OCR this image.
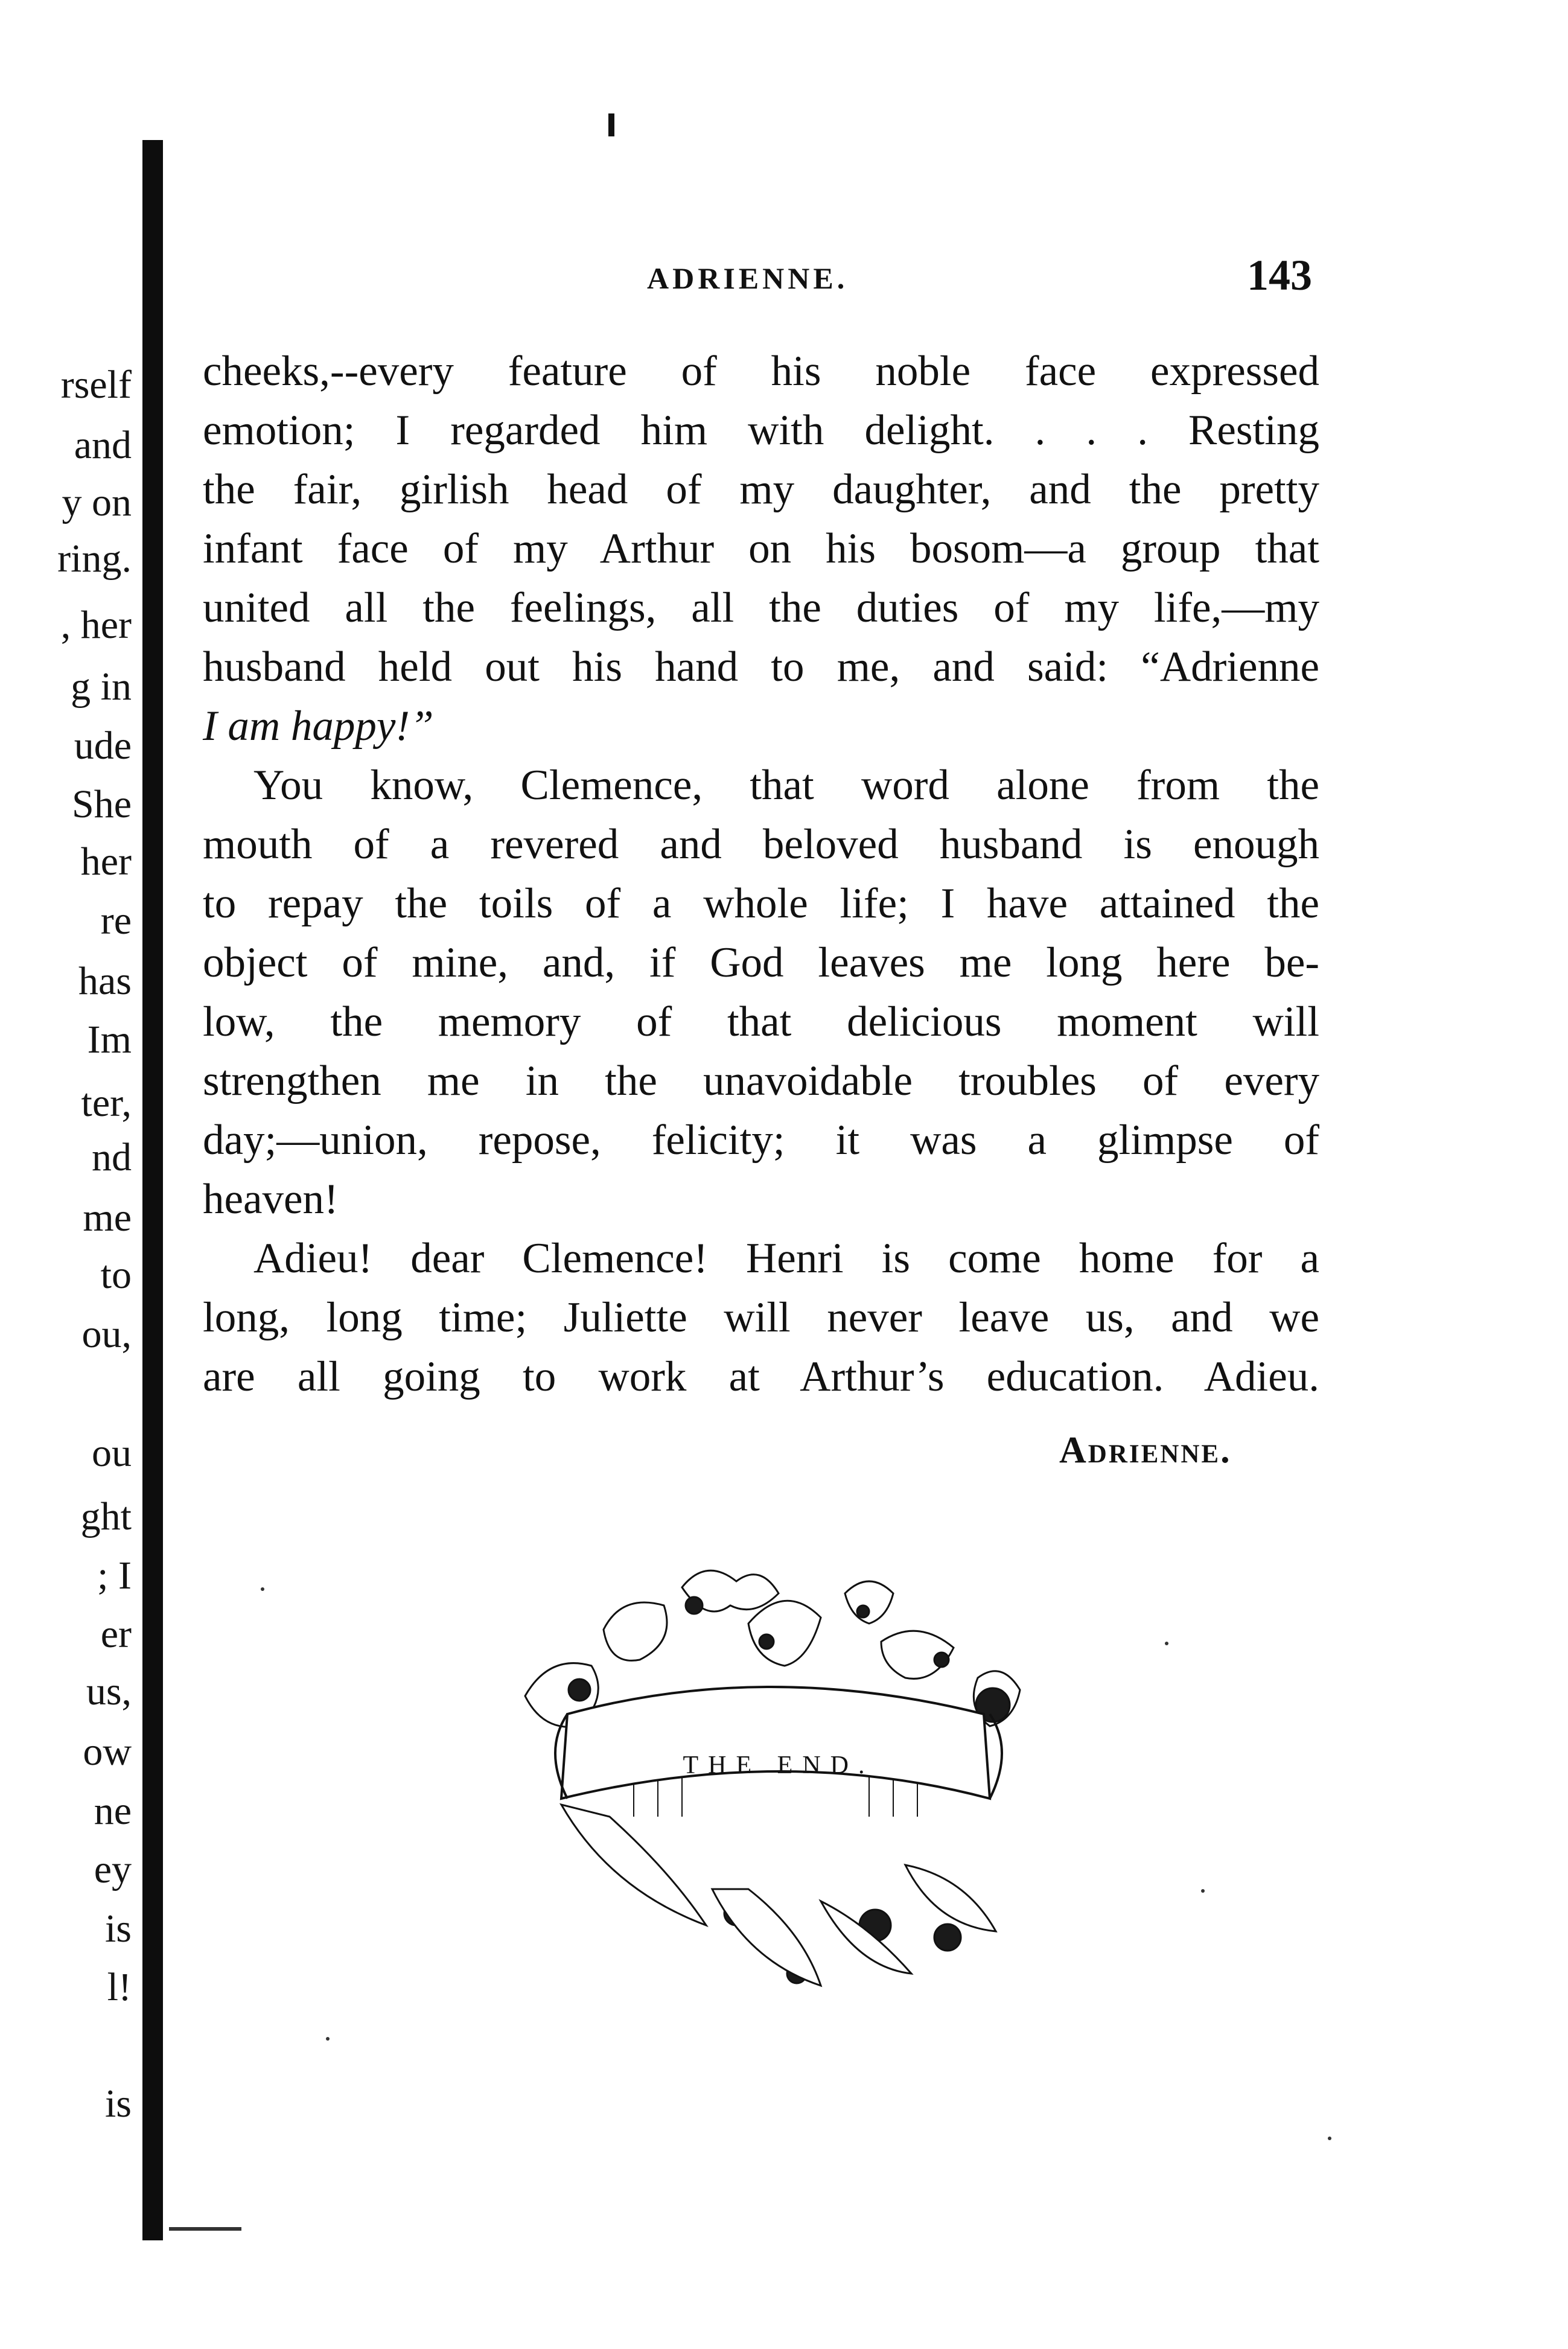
rself
and
y on
ring.
, her
g in
ude
She
her
re
has
Im
ter,
nd
me
to
ou,
ou
ght
; I
er
us,
ow
ne
ey
is
l!
is
ADRIENNE.	143
cheeks,--every feature of his noble face expressed
emotion; I regarded him with delight. . . . Resting
the fair, girlish head of my daughter, and the pretty
infant face of my Arthur on his bosom—a group that
united all the feelings, all the duties of my life,—my
husband held out his hand to me, and said: “Adrienne
I am happy!”
You know, Clemence, that word alone from the
mouth of a revered and beloved husband is enough
to repay the toils of a whole life; I have attained the
object of mine, and, if God leaves me long here be-
low, the memory of that delicious moment will
strengthen me in the unavoidable troubles of every
day;—union, repose, felicity; it was a glimpse of
heaven!
Adieu! dear Clemence! Henri is come home for a
long, long time; Juliette will never leave us, and we
are all going to work at Arthur’s education. Adieu.
Adrienne.
THE END.
